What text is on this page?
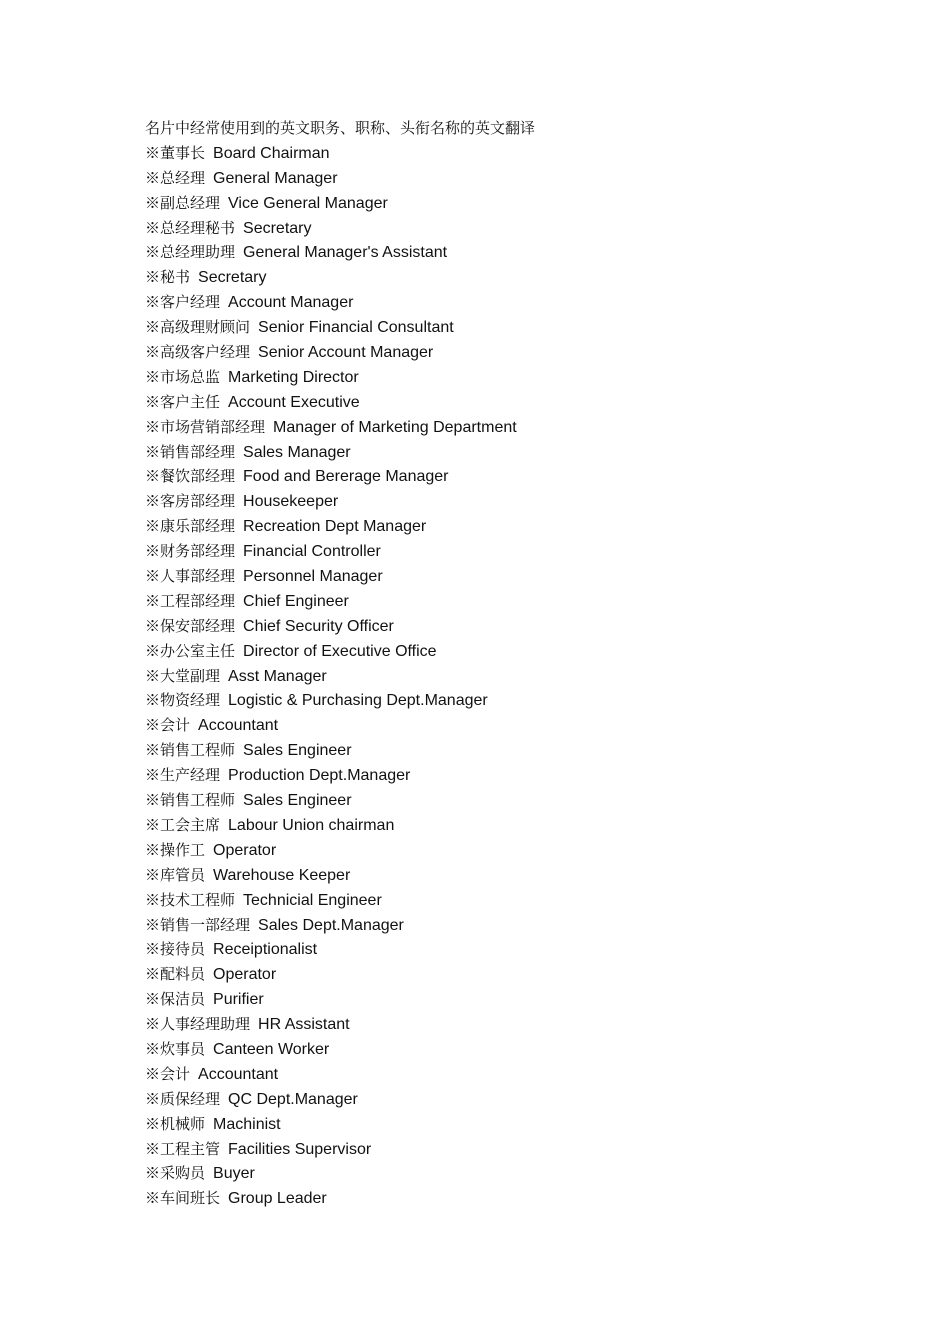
名片中经常使用到的英文职务、职称、头衔名称的英文翻译
※董事长 Board Chairman
※总经理 General Manager
※副总经理 Vice General Manager
※总经理秘书 Secretary
※总经理助理 General Manager's Assistant
※秘书 Secretary
※客户经理 Account Manager
※高级理财顾问 Senior Financial Consultant
※高级客户经理 Senior Account Manager
※市场总监 Marketing Director
※客户主任 Account Executive
※市场营销部经理 Manager of Marketing Department
※销售部经理 Sales Manager
※餐饮部经理 Food and Bererage Manager
※客房部经理 Housekeeper
※康乐部经理 Recreation Dept Manager
※财务部经理 Financial Controller
※人事部经理 Personnel Manager
※工程部经理 Chief Engineer
※保安部经理 Chief Security Officer
※办公室主任 Director of Executive Office
※大堂副理 Asst Manager
※物资经理 Logistic & Purchasing Dept.Manager
※会计 Accountant
※销售工程师 Sales Engineer
※生产经理 Production Dept.Manager
※销售工程师 Sales Engineer
※工会主席 Labour Union chairman
※操作工 Operator
※库管员 Warehouse Keeper
※技术工程师 Technicial Engineer
※销售一部经理 Sales Dept.Manager
※接待员 Receiptionalist
※配料员 Operator
※保洁员 Purifier
※人事经理助理 HR Assistant
※炊事员 Canteen Worker
※会计 Accountant
※质保经理 QC Dept.Manager
※机械师 Machinist
※工程主管 Facilities Supervisor
※采购员 Buyer
※车间班长 Group Leader
